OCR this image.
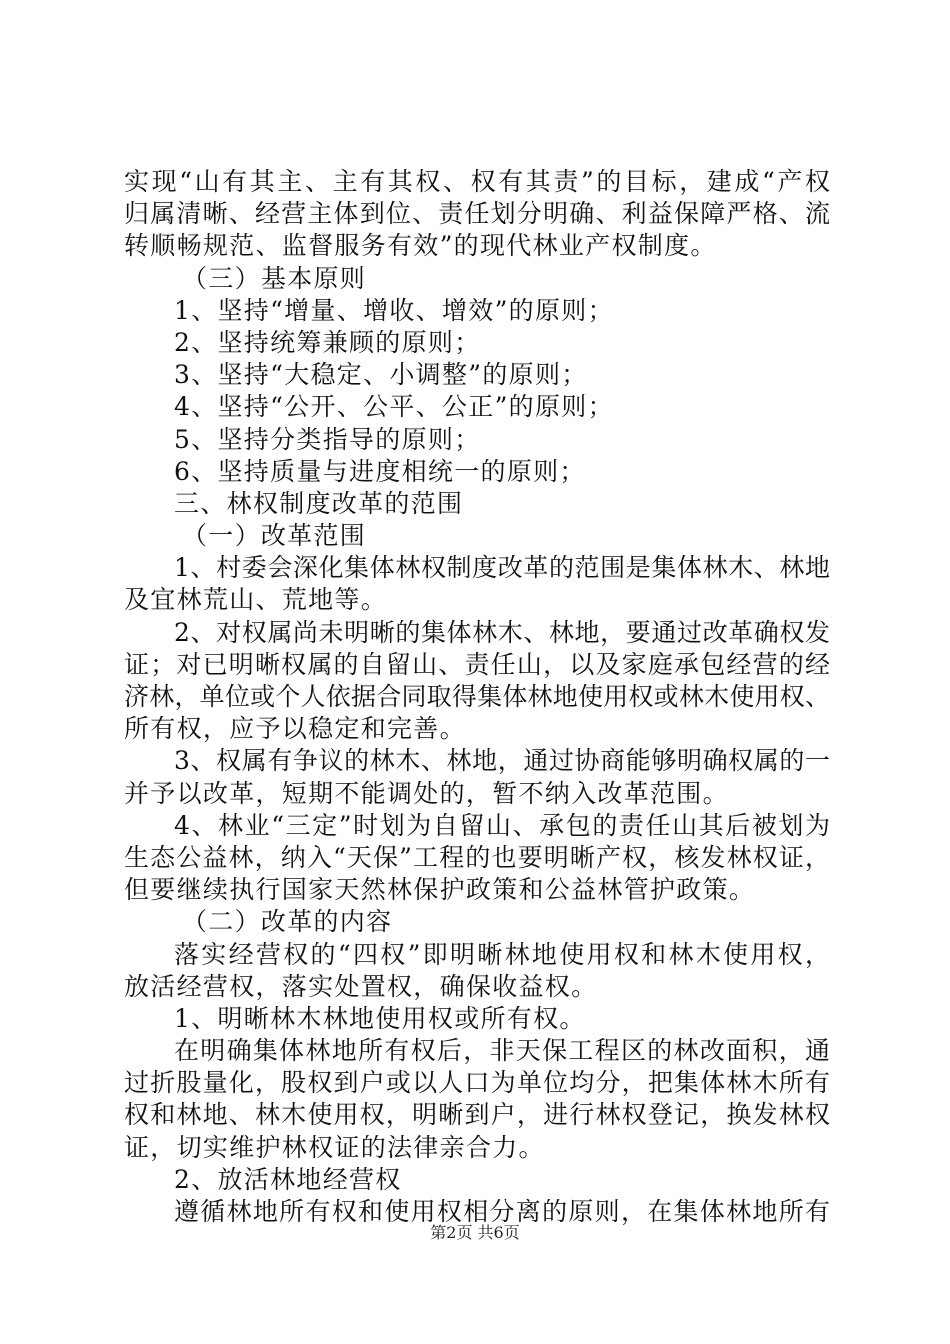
实现“山有其主、主有其权、权有其责”的目标，建成“产权
归属清晰、经营主体到位、责任划分明确、利益保障严格、流
转顺畅规范、监督服务有效”的现代林业产权制度。
（三）基本原则
1、坚持“增量、增收、增效”的原则；
2、坚持统筹兼顾的原则；
3、坚持“大稳定、小调整”的原则；
4、坚持“公开、公平、公正”的原则；
5、坚持分类指导的原则；
6、坚持质量与进度相统一的原则；
三、林权制度改革的范围
（一）改革范围
1、村委会深化集体林权制度改革的范围是集体林木、林地
及宜林荒山、荒地等。
2、对权属尚未明晰的集体林木、林地，要通过改革确权发
证；对已明晰权属的自留山、责任山，以及家庭承包经营的经
济林，单位或个人依据合同取得集体林地使用权或林木使用权、
所有权，应予以稳定和完善。
3、权属有争议的林木、林地，通过协商能够明确权属的一
并予以改革，短期不能调处的，暂不纳入改革范围。
4、林业“三定”时划为自留山、承包的责任山其后被划为
生态公益林，纳入“天保”工程的也要明晰产权，核发林权证，
但要继续执行国家天然林保护政策和公益林管护政策。
（二）改革的内容
落实经营权的“四权”即明晰林地使用权和林木使用权，
放活经营权，落实处置权，确保收益权。
1、明晰林木林地使用权或所有权。
在明确集体林地所有权后，非天保工程区的林改面积，通
过折股量化，股权到户或以人口为单位均分，把集体林木所有
权和林地、林木使用权，明晰到户，进行林权登记，换发林权
证，切实维护林权证的法律亲合力。
2、放活林地经营权
遵循林地所有权和使用权相分离的原则，在集体林地所有
第2页 共6页
